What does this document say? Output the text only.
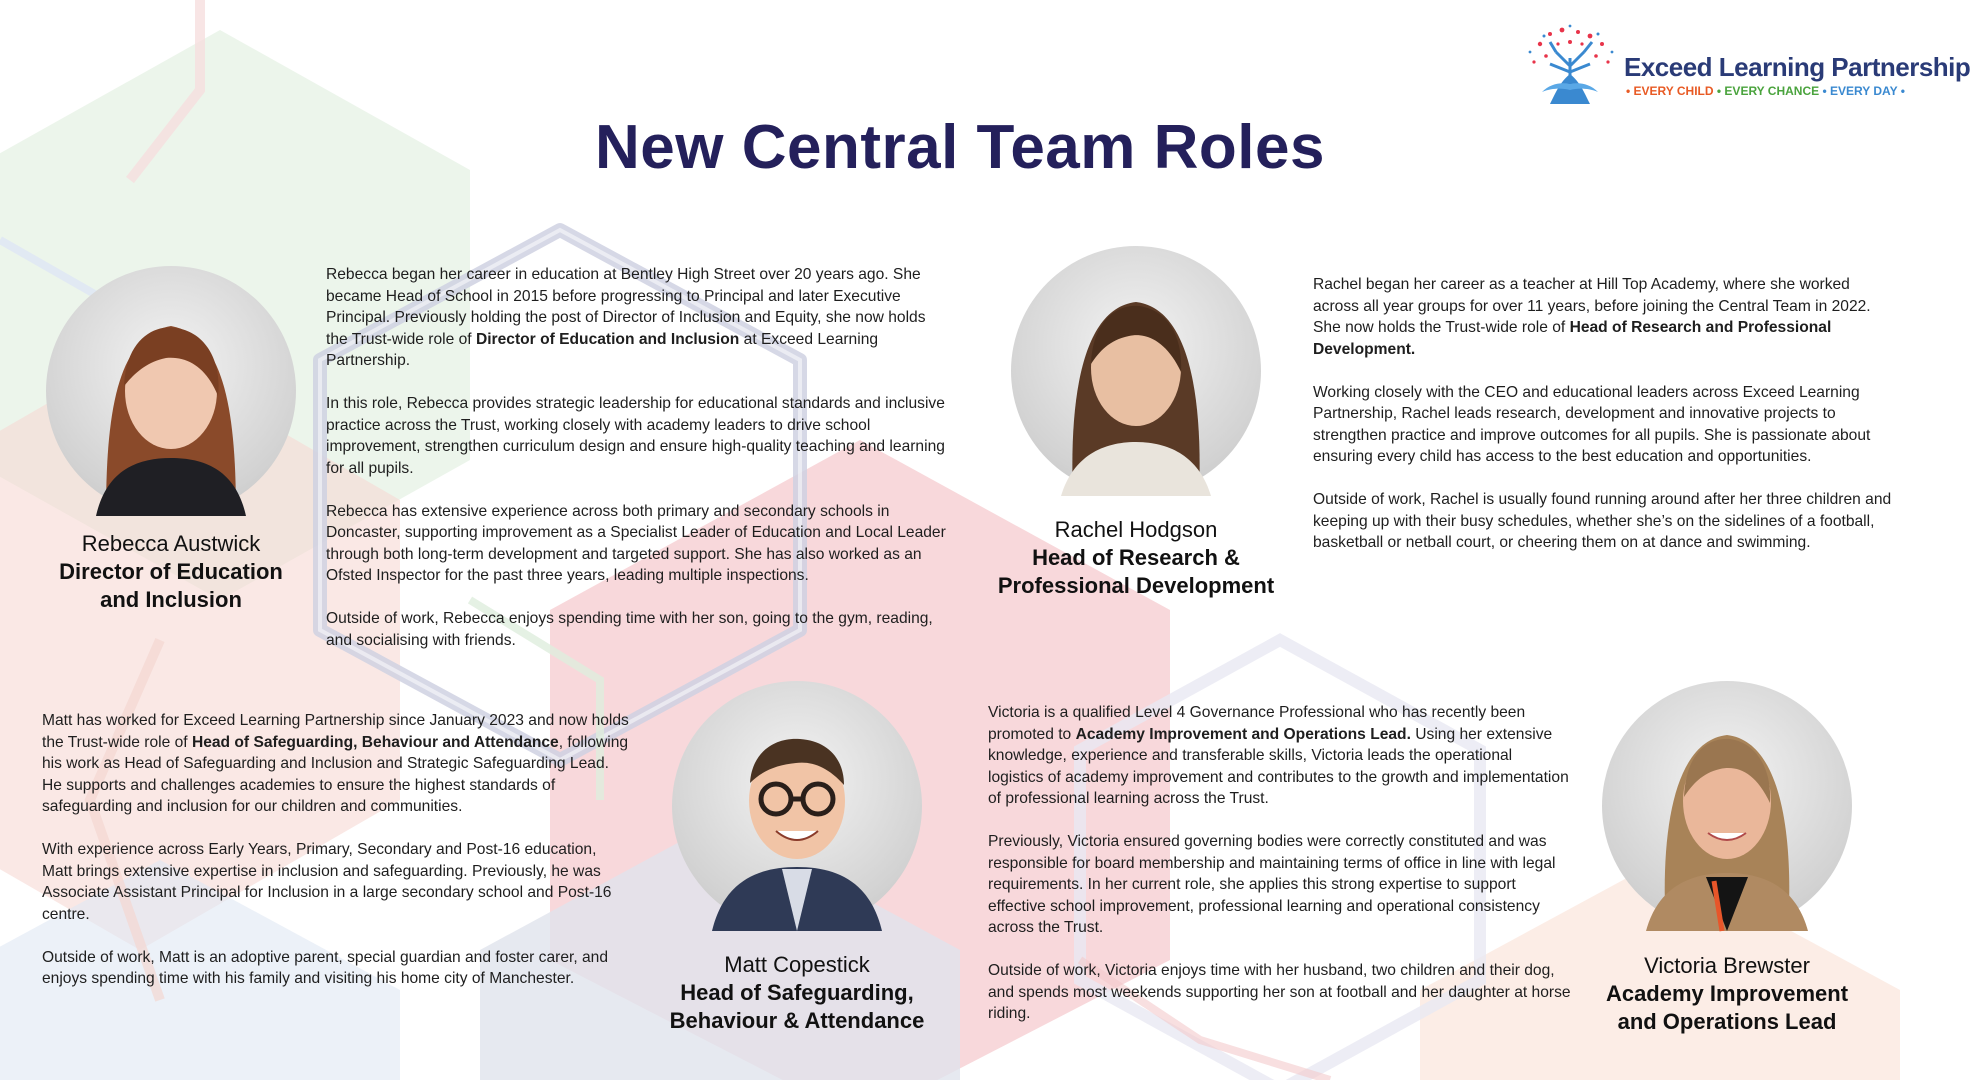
Exceed Learning Partnership
• EVERY CHILD • EVERY CHANCE • EVERY DAY •
New Central Team Roles
Rebecca Austwick
Director of Education
and Inclusion

Rebecca began her career in education at Bentley High Street over 20 years ago. She became Head of School in 2015 before progressing to Principal and later Executive Principal. Previously holding the post of Director of Inclusion and Equity, she now holds the Trust-wide role of Director of Education and Inclusion at Exceed Learning Partnership.

In this role, Rebecca provides strategic leadership for educational standards and inclusive practice across the Trust, working closely with academy leaders to drive school improvement, strengthen curriculum design and ensure high-quality teaching and learning for all pupils.

Rebecca has extensive experience across both primary and secondary schools in Doncaster, supporting improvement as a Specialist Leader of Education and Local Leader through both long-term development and targeted support. She has also worked as an Ofsted Inspector for the past three years, leading multiple inspections.

Outside of work, Rebecca enjoys spending time with her son, going to the gym, reading, and socialising with friends.

Rachel Hodgson
Head of Research &
Professional Development

Rachel began her career as a teacher at Hill Top Academy, where she worked across all year groups for over 11 years, before joining the Central Team in 2022. She now holds the Trust-wide role of Head of Research and Professional Development.

Working closely with the CEO and educational leaders across Exceed Learning Partnership, Rachel leads research, development and innovative projects to strengthen practice and improve outcomes for all pupils. She is passionate about ensuring every child has access to the best education and opportunities.

Outside of work, Rachel is usually found running around after her three children and keeping up with their busy schedules, whether she’s on the sidelines of a football, basketball or netball court, or cheering them on at dance and swimming.

Matt Copestick
Head of Safeguarding,
Behaviour & Attendance

Matt has worked for Exceed Learning Partnership since January 2023 and now holds the Trust-wide role of Head of Safeguarding, Behaviour and Attendance, following his work as Head of Safeguarding and Inclusion and Strategic Safeguarding Lead. He supports and challenges academies to ensure the highest standards of safeguarding and inclusion for our children and communities.

With experience across Early Years, Primary, Secondary and Post-16 education, Matt brings extensive expertise in inclusion and safeguarding. Previously, he was Associate Assistant Principal for Inclusion in a large secondary school and Post-16 centre.

Outside of work, Matt is an adoptive parent, special guardian and foster carer, and enjoys spending time with his family and visiting his home city of Manchester.

Victoria Brewster
Academy Improvement
and Operations Lead

Victoria is a qualified Level 4 Governance Professional who has recently been promoted to Academy Improvement and Operations Lead. Using her extensive knowledge, experience and transferable skills, Victoria leads the operational logistics of academy improvement and contributes to the growth and implementation of professional learning across the Trust.

Previously, Victoria ensured governing bodies were correctly constituted and was responsible for board membership and maintaining terms of office in line with legal requirements. In her current role, she applies this strong expertise to support effective school improvement, professional learning and operational consistency across the Trust.

Outside of work, Victoria enjoys time with her husband, two children and their dog, and spends most weekends supporting her son at football and her daughter at horse riding.
